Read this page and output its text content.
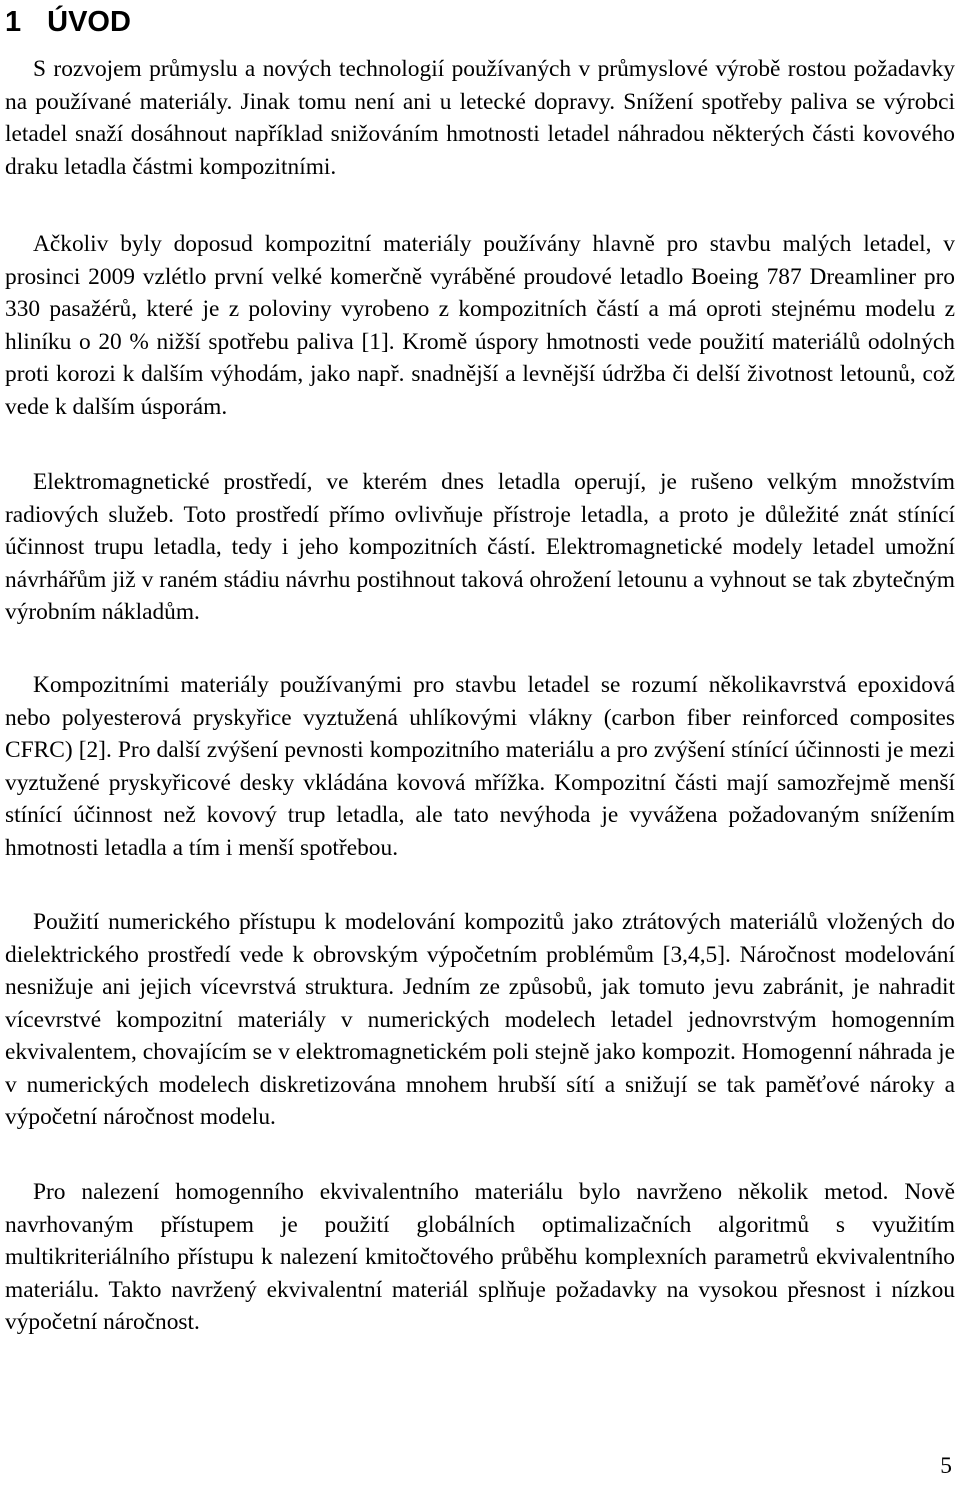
1 ÚVOD

S rozvojem průmyslu a nových technologií používaných v průmyslové výrobě rostou požadavky na používané materiály. Jinak tomu není ani u letecké dopravy. Snížení spotřeby paliva se výrobci letadel snaží dosáhnout například snižováním hmotnosti letadel náhradou některých části kovového draku letadla částmi kompozitními.

Ačkoliv byly doposud kompozitní materiály používány hlavně pro stavbu malých letadel, v prosinci 2009 vzlétlo první velké komerčně vyráběné proudové letadlo Boeing 787 Dreamliner pro 330 pasažérů, které je z poloviny vyrobeno z kompozitních částí a má oproti stejnému modelu z hliníku o 20 % nižší spotřebu paliva [1]. Kromě úspory hmotnosti vede použití materiálů odolných proti korozi k dalším výhodám, jako např. snadnější a levnější údržba či delší životnost letounů, což vede k dalším úsporám.

Elektromagnetické prostředí, ve kterém dnes letadla operují, je rušeno velkým množstvím radiových služeb. Toto prostředí přímo ovlivňuje přístroje letadla, a proto je důležité znát stínící účinnost trupu letadla, tedy i jeho kompozitních částí. Elektromagnetické modely letadel umožní návrhářům již v raném stádiu návrhu postihnout taková ohrožení letounu a vyhnout se tak zbytečným výrobním nákladům.

Kompozitními materiály používanými pro stavbu letadel se rozumí několikavrstvá epoxidová nebo polyesterová pryskyřice vyztužená uhlíkovými vlákny (carbon fiber reinforced composites CFRC) [2]. Pro další zvýšení pevnosti kompozitního materiálu a pro zvýšení stínící účinnosti je mezi vyztužené pryskyřicové desky vkládána kovová mřížka. Kompozitní části mají samozřejmě menší stínící účinnost než kovový trup letadla, ale tato nevýhoda je vyvážena požadovaným snížením hmotnosti letadla a tím i menší spotřebou.

Použití numerického přístupu k modelování kompozitů jako ztrátových materiálů vložených do dielektrického prostředí vede k obrovským výpočetním problémům [3,4,5]. Náročnost modelování nesnižuje ani jejich vícevrstvá struktura. Jedním ze způsobů, jak tomuto jevu zabránit, je nahradit vícevrstvé kompozitní materiály v numerických modelech letadel jednovrstvým homogenním ekvivalentem, chovajícím se v elektromagnetickém poli stejně jako kompozit. Homogenní náhrada je v numerických modelech diskretizována mnohem hrubší sítí a snižují se tak paměťové nároky a výpočetní náročnost modelu.

Pro nalezení homogenního ekvivalentního materiálu bylo navrženo několik metod. Nově navrhovaným přístupem je použití globálních optimalizačních algoritmů s využitím multikriteriálního přístupu k nalezení kmitočtového průběhu komplexních parametrů ekvivalentního materiálu. Takto navržený ekvivalentní materiál splňuje požadavky na vysokou přesnost i nízkou výpočetní náročnost.

5
